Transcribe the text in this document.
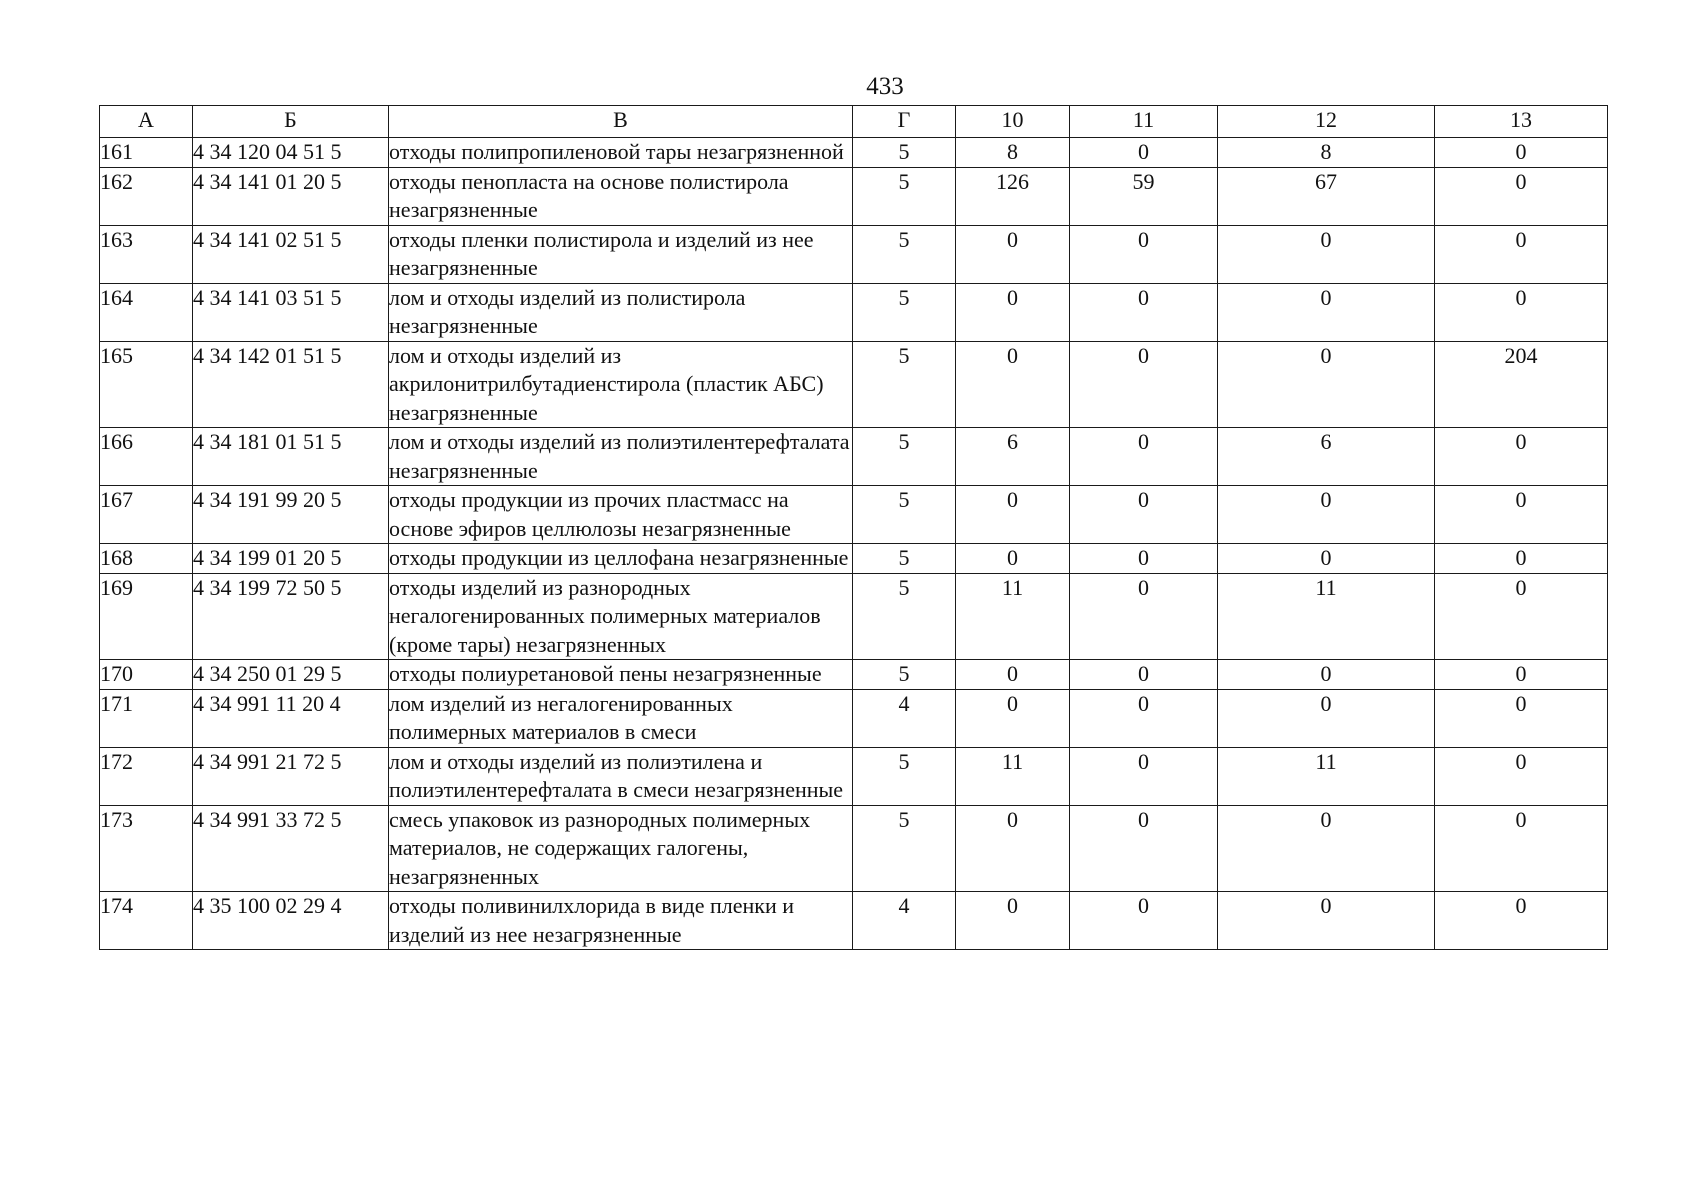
433
А	Б	В	Г	10	11	12	13
161	4 34 120 04 51 5	отходы полипропиленовой тары незагрязненной	5	8	0	8	0
162	4 34 141 01 20 5	отходы пенопласта на основе полистирола незагрязненные	5	126	59	67	0
163	4 34 141 02 51 5	отходы пленки полистирола и изделий из нее незагрязненные	5	0	0	0	0
164	4 34 141 03 51 5	лом и отходы изделий из полистирола незагрязненные	5	0	0	0	0
165	4 34 142 01 51 5	лом и отходы изделий из акрилонитрилбутадиенстирола (пластик АБС) незагрязненные	5	0	0	0	204
166	4 34 181 01 51 5	лом и отходы изделий из полиэтилентерефталата незагрязненные	5	6	0	6	0
167	4 34 191 99 20 5	отходы продукции из прочих пластмасс на основе эфиров целлюлозы незагрязненные	5	0	0	0	0
168	4 34 199 01 20 5	отходы продукции из целлофана незагрязненные	5	0	0	0	0
169	4 34 199 72 50 5	отходы изделий из разнородных негалогенированных полимерных материалов (кроме тары) незагрязненных	5	11	0	11	0
170	4 34 250 01 29 5	отходы полиуретановой пены незагрязненные	5	0	0	0	0
171	4 34 991 11 20 4	лом изделий из негалогенированных полимерных материалов в смеси	4	0	0	0	0
172	4 34 991 21 72 5	лом и отходы изделий из полиэтилена и полиэтилентерефталата в смеси незагрязненные	5	11	0	11	0
173	4 34 991 33 72 5	смесь упаковок из разнородных полимерных материалов, не содержащих галогены, незагрязненных	5	0	0	0	0
174	4 35 100 02 29 4	отходы поливинилхлорида в виде пленки и изделий из нее незагрязненные	4	0	0	0	0
